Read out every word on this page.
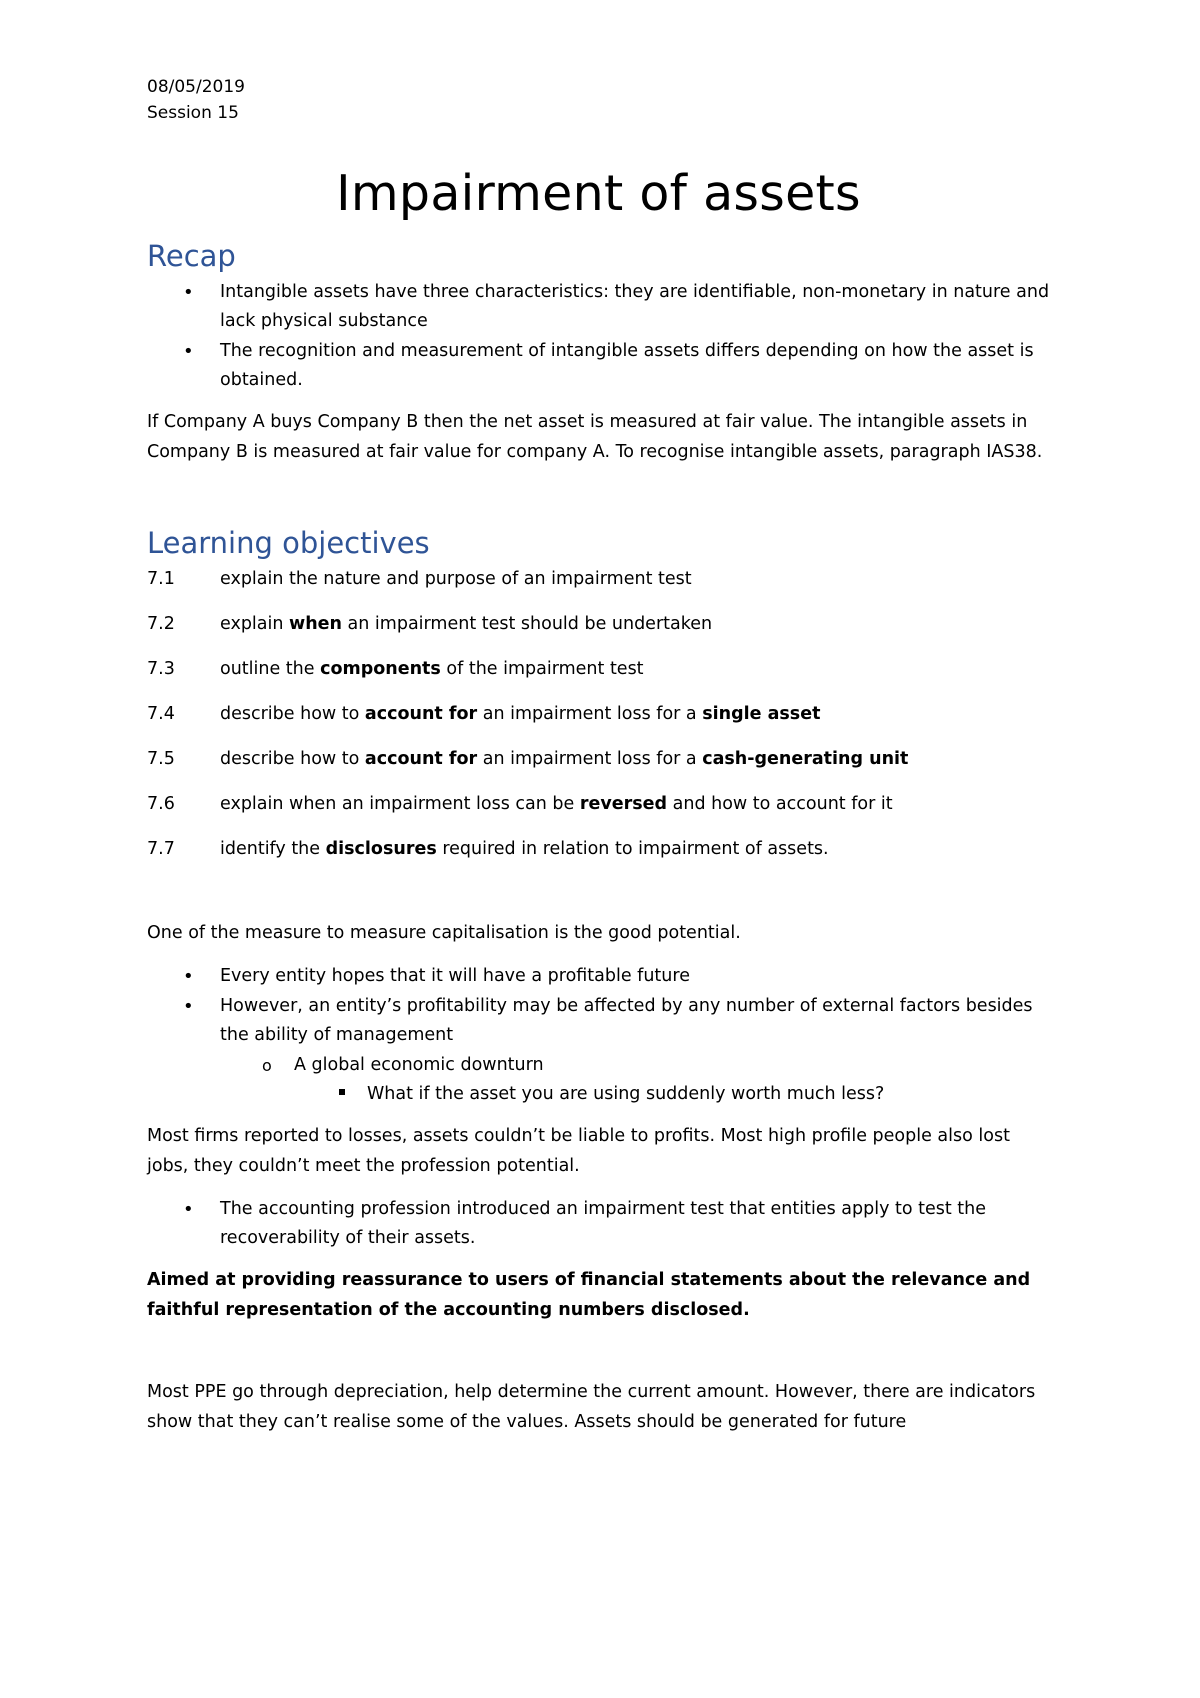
08/05/2019
Session 15
Impairment of assets
Recap
• Intangible assets have three characteristics: they are identifiable, non-monetary in nature and lack physical substance
• The recognition and measurement of intangible assets differs depending on how the asset is obtained.

If Company A buys Company B then the net asset is measured at fair value. The intangible assets in Company B is measured at fair value for company A. To recognise intangible assets, paragraph IAS38.

Learning objectives
7.1	explain the nature and purpose of an impairment test
7.2	explain when an impairment test should be undertaken
7.3	outline the components of the impairment test
7.4	describe how to account for an impairment loss for a single asset
7.5	describe how to account for an impairment loss for a cash-generating unit
7.6	explain when an impairment loss can be reversed and how to account for it
7.7	identify the disclosures required in relation to impairment of assets.

One of the measure to measure capitalisation is the good potential.

• Every entity hopes that it will have a profitable future
• However, an entity’s profitability may be affected by any number of external factors besides the ability of management
o A global economic downturn
What if the asset you are using suddenly worth much less?

Most firms reported to losses, assets couldn’t be liable to profits. Most high profile people also lost jobs, they couldn’t meet the profession potential.

• The accounting profession introduced an impairment test that entities apply to test the recoverability of their assets.

Aimed at providing reassurance to users of financial statements about the relevance and faithful representation of the accounting numbers disclosed.

Most PPE go through depreciation, help determine the current amount. However, there are indicators show that they can’t realise some of the values. Assets should be generated for future
